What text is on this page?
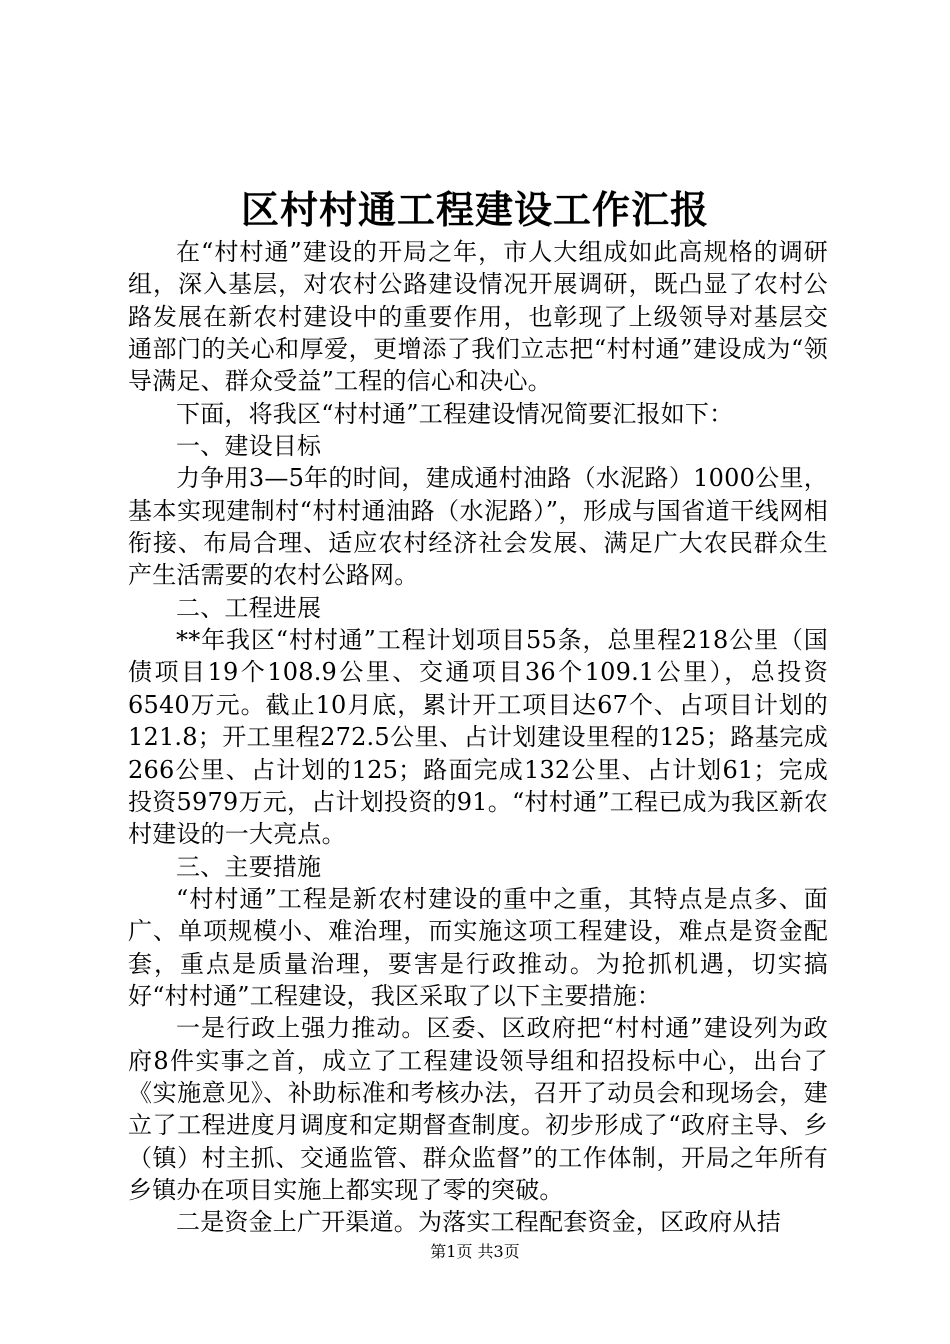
区村村通工程建设工作汇报

在“村村通”建设的开局之年，市人大组成如此高规格的调研组，深入基层，对农村公路建设情况开展调研，既凸显了农村公路发展在新农村建设中的重要作用，也彰现了上级领导对基层交通部门的关心和厚爱，更增添了我们立志把“村村通”建设成为“领导满足、群众受益”工程的信心和决心。

下面，将我区“村村通”工程建设情况简要汇报如下：

一、建设目标

力争用3—5年的时间，建成通村油路（水泥路）1000公里，基本实现建制村“村村通油路（水泥路）”，形成与国省道干线网相衔接、布局合理、适应农村经济社会发展、满足广大农民群众生产生活需要的农村公路网。

二、工程进展

**年我区“村村通”工程计划项目55条，总里程218公里（国债项目19个108.9公里、交通项目36个109.1公里），总投资6540万元。截止10月底，累计开工项目达67个、占项目计划的121.8；开工里程272.5公里、占计划建设里程的125；路基完成266公里、占计划的125；路面完成132公里、占计划61；完成投资5979万元，占计划投资的91。“村村通”工程已成为我区新农村建设的一大亮点。

三、主要措施

“村村通”工程是新农村建设的重中之重，其特点是点多、面广、单项规模小、难治理，而实施这项工程建设，难点是资金配套，重点是质量治理，要害是行政推动。为抢抓机遇，切实搞好“村村通”工程建设，我区采取了以下主要措施：

一是行政上强力推动。区委、区政府把“村村通”建设列为政府8件实事之首，成立了工程建设领导组和招投标中心，出台了《实施意见》、补助标准和考核办法，召开了动员会和现场会，建立了工程进度月调度和定期督查制度。初步形成了“政府主导、乡（镇）村主抓、交通监管、群众监督”的工作体制，开局之年所有乡镇办在项目实施上都实现了零的突破。

二是资金上广开渠道。为落实工程配套资金，区政府从拮

第1页 共3页
